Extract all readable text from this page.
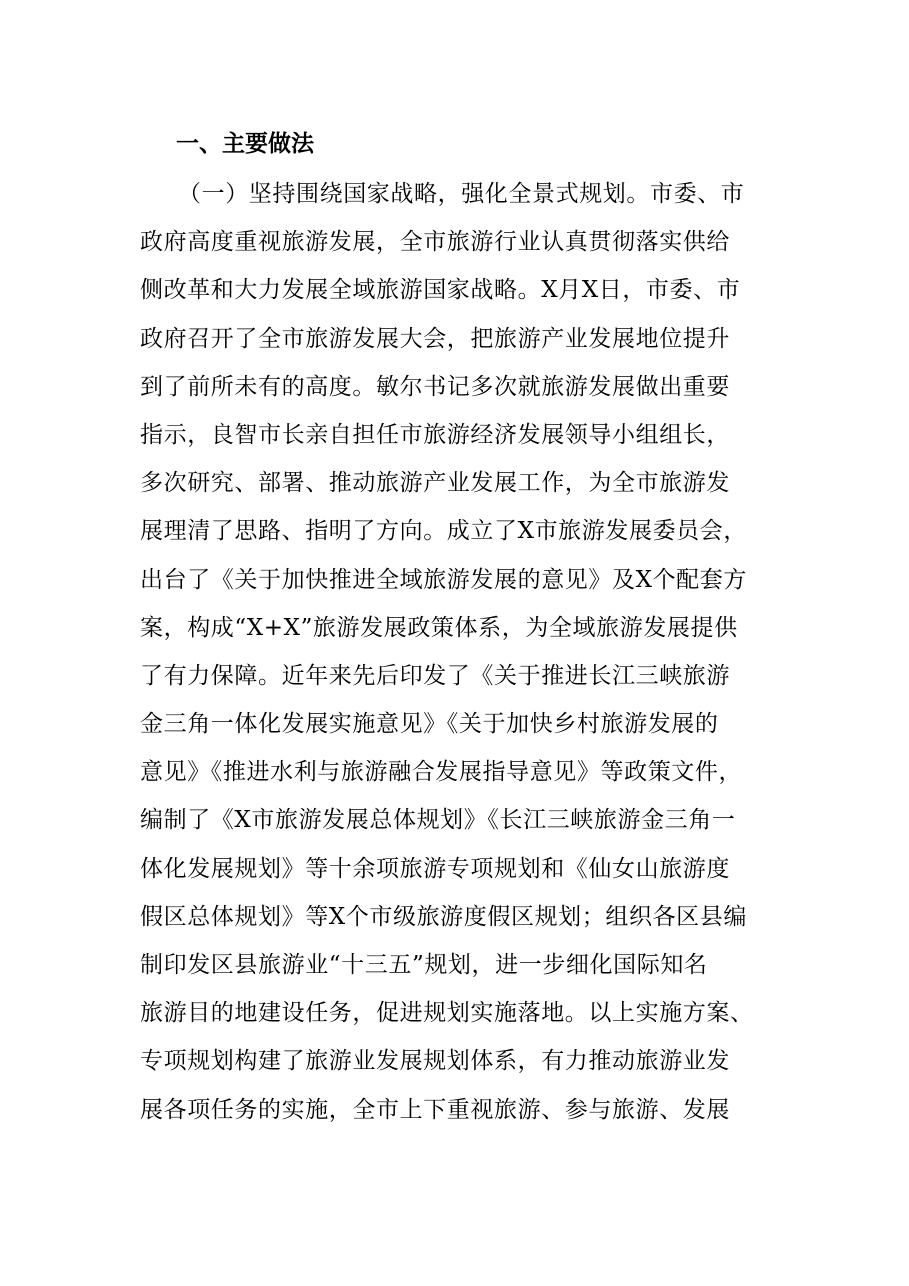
一、主要做法
（一）坚持围绕国家战略，强化全景式规划。市委、市
政府高度重视旅游发展，全市旅游行业认真贯彻落实供给
侧改革和大力发展全域旅游国家战略。X月X日，市委、市
政府召开了全市旅游发展大会，把旅游产业发展地位提升
到了前所未有的高度。敏尔书记多次就旅游发展做出重要
指示，良智市长亲自担任市旅游经济发展领导小组组长，
多次研究、部署、推动旅游产业发展工作，为全市旅游发
展理清了思路、指明了方向。成立了X市旅游发展委员会，
出台了《关于加快推进全域旅游发展的意见》及X个配套方
案，构成“X+X”旅游发展政策体系，为全域旅游发展提供
了有力保障。近年来先后印发了《关于推进长江三峡旅游
金三角一体化发展实施意见》《关于加快乡村旅游发展的
意见》《推进水利与旅游融合发展指导意见》等政策文件，
编制了《X市旅游发展总体规划》《长江三峡旅游金三角一
体化发展规划》等十余项旅游专项规划和《仙女山旅游度
假区总体规划》等X个市级旅游度假区规划；组织各区县编
制印发区县旅游业“十三五”规划，进一步细化国际知名
旅游目的地建设任务，促进规划实施落地。以上实施方案、
专项规划构建了旅游业发展规划体系，有力推动旅游业发
展各项任务的实施，全市上下重视旅游、参与旅游、发展
